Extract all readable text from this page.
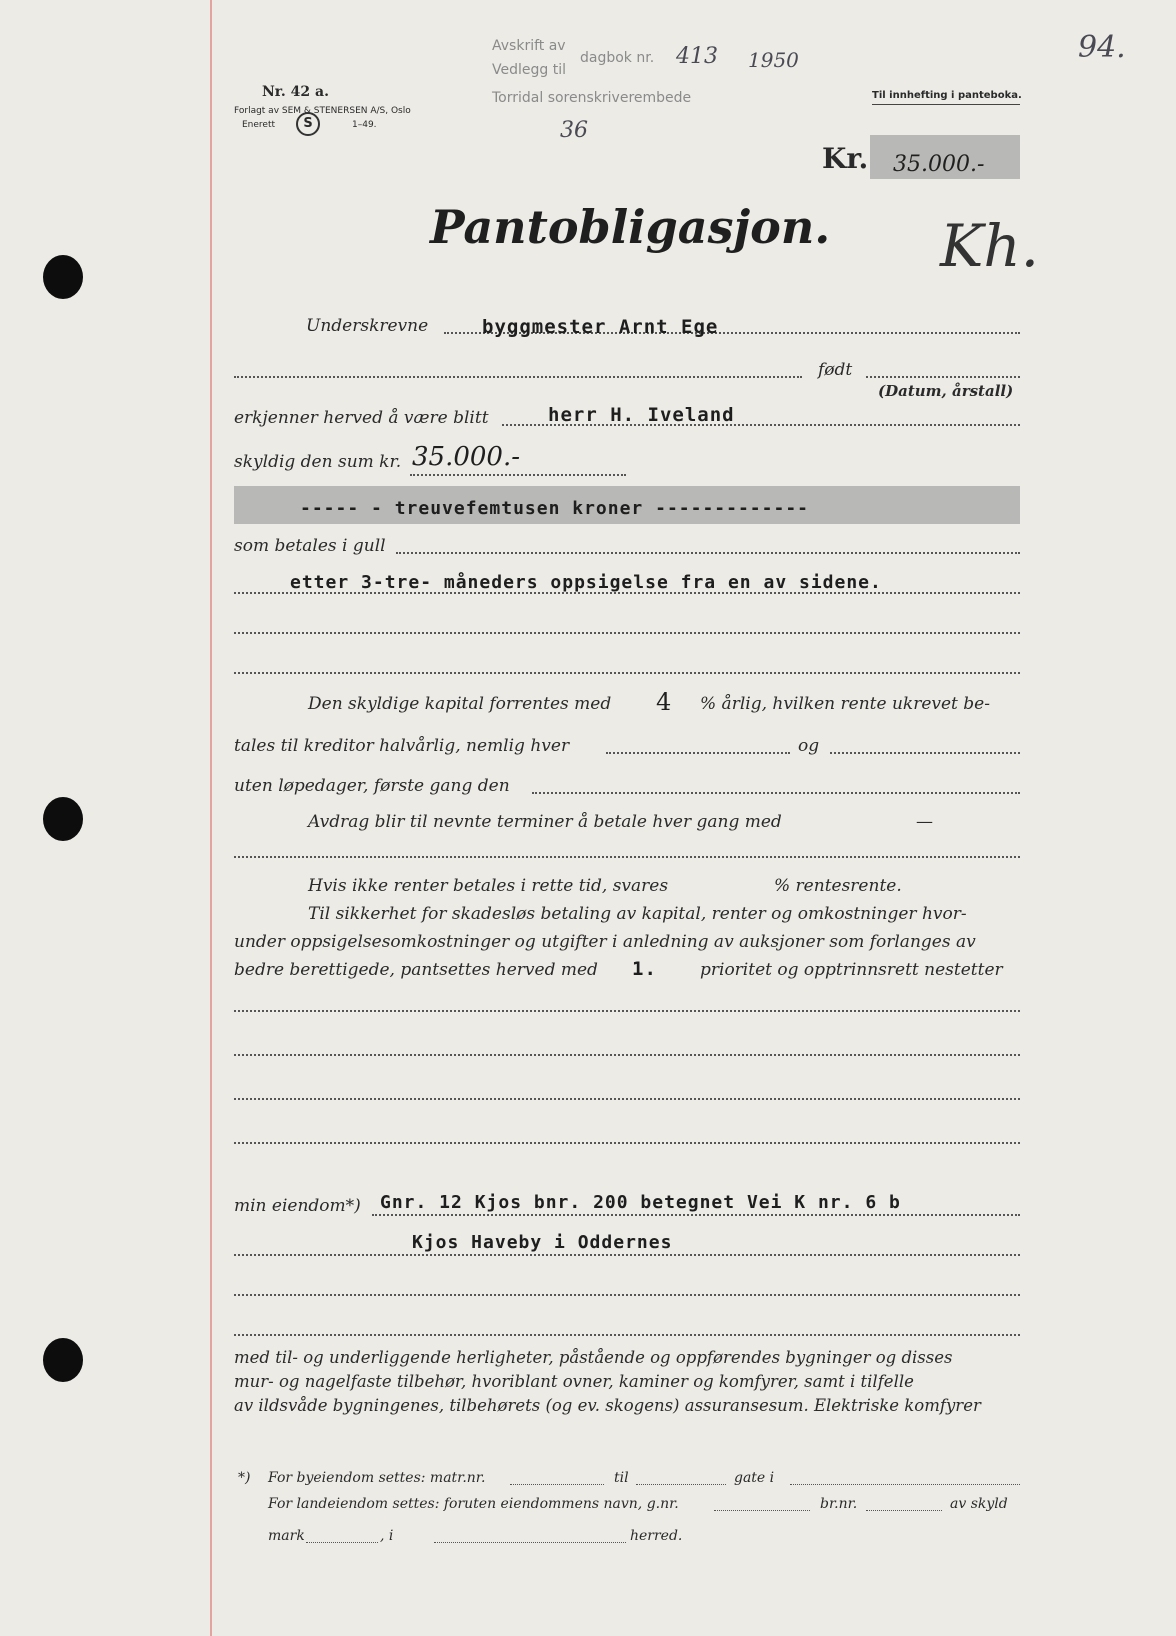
Avskrift av
Vedlegg til
Torridal sorenskriverembede
dagbok nr. 413 1950
36
94.
Nr. 42 a.
Forlagt av SEM & STENERSEN A/S, Oslo
Enerett	S	1–49.
Til innhefting i panteboka.
Kr. 35.000.-
Pantobligasjon. Kh.
Underskrevne	byggmester Arnt Ege
født
(Datum, årstall)
erkjenner herved å være blitt	herr H. Iveland
skyldig den sum kr. 35.000.-
----- - treuvefemtusen kroner -------------
som betales i gull
etter 3-tre- måneders oppsigelse fra en av sidene.
Den skyldige kapital forrentes med 4 % årlig, hvilken rente ukrevet be-
tales til kreditor halvårlig, nemlig hver	og
uten løpedager, første gang den
Avdrag blir til nevnte terminer å betale hver gang med	—
Hvis ikke renter betales i rette tid, svares	% rentesrente.
Til sikkerhet for skadesløs betaling av kapital, renter og omkostninger hvor-
under oppsigelsesomkostninger og utgifter i anledning av auksjoner som forlanges av
bedre berettigede, pantsettes herved med 1.	prioritet og opptrinnsrett nestetter
min eiendom*) Gnr. 12 Kjos bnr. 200 betegnet Vei K nr. 6 b
Kjos Haveby i Oddernes
med til- og underliggende herligheter, påstående og oppførendes bygninger og disses
mur- og nagelfaste tilbehør, hvoriblant ovner, kaminer og komfyrer, samt i tilfelle
av ildsvåde bygningenes, tilbehørets (og ev. skogens) assuransesum. Elektriske komfyrer
*) For byeiendom settes: matr.nr.	til	gate i
For landeiendom settes: foruten eiendommens navn, g.nr.	br.nr.	av skyld
mark	, i	herred.
